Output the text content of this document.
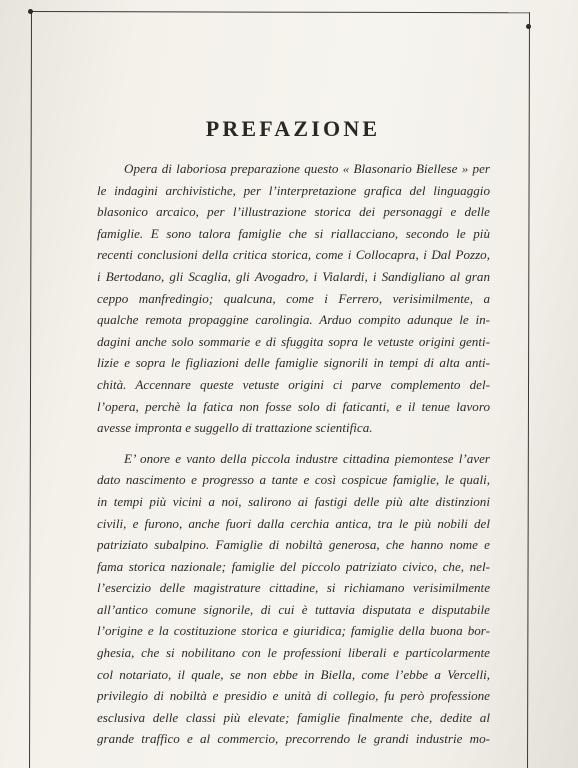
PREFAZIONE
Opera di laboriosa preparazione questo « Blasonario Biellese » per
le indagini archivistiche, per l’interpretazione grafica del linguaggio
blasonico arcaico, per l’illustrazione storica dei personaggi e delle
famiglie. E sono talora famiglie che si riallacciano, secondo le più
recenti conclusioni della critica storica, come i Collocapra, i Dal Pozzo,
i Bertodano, gli Scaglia, gli Avogadro, i Vialardi, i Sandigliano al gran
ceppo manfredingio; qualcuna, come i Ferrero, verisimilmente, a
qualche remota propaggine carolingia. Arduo compito adunque le in-
dagini anche solo sommarie e di sfuggita sopra le vetuste origini genti-
lizie e sopra le figliazioni delle famiglie signorili in tempi di alta anti-
chità. Accennare queste vetuste origini ci parve complemento del-
l’opera, perchè la fatica non fosse solo di faticanti, e il tenue lavoro
avesse impronta e suggello di trattazione scientifica.
E’ onore e vanto della piccola industre cittadina piemontese l’aver
dato nascimento e progresso a tante e così cospicue famiglie, le quali,
in tempi più vicini a noi, salirono ai fastigi delle più alte distinzioni
civili, e furono, anche fuori dalla cerchia antica, tra le più nobili del
patriziato subalpino. Famiglie di nobiltà generosa, che hanno nome e
fama storica nazionale; famiglie del piccolo patriziato civico, che, nel-
l’esercizio delle magistrature cittadine, si richiamano verisimilmente
all’antico comune signorile, di cui è tuttavia disputata e disputabile
l’origine e la costituzione storica e giuridica; famiglie della buona bor-
ghesia, che si nobilitano con le professioni liberali e particolarmente
col notariato, il quale, se non ebbe in Biella, come l’ebbe a Vercelli,
privilegio di nobiltà e presidio e unità di collegio, fu però professione
esclusiva delle classi più elevate; famiglie finalmente che, dedite al
grande traffico e al commercio, precorrendo le grandi industrie mo-
